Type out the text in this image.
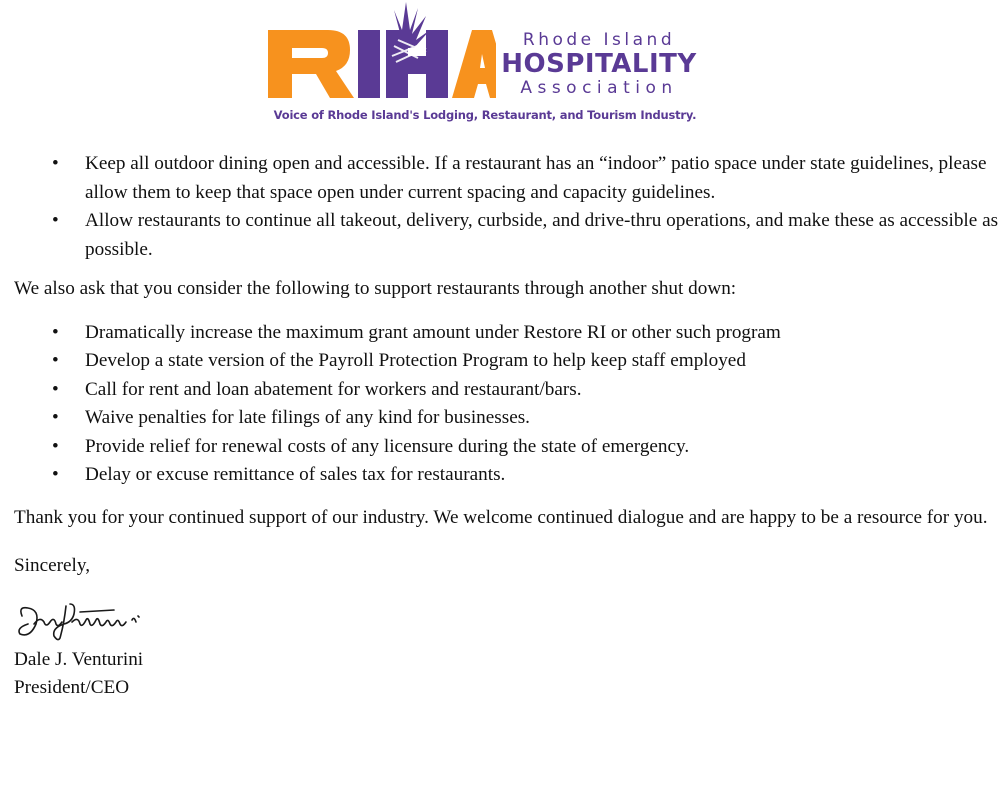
Rhode Island
HOSPITALITY
Association
Voice of Rhode Island's Lodging, Restaurant, and Tourism Industry.
• Keep all outdoor dining open and accessible. If a restaurant has an “indoor” patio space under state guidelines, please allow them to keep that space open under current spacing and capacity guidelines.
• Allow restaurants to continue all takeout, delivery, curbside, and drive-thru operations, and make these as accessible as possible.

We also ask that you consider the following to support restaurants through another shut down:

• Dramatically increase the maximum grant amount under Restore RI or other such program
• Develop a state version of the Payroll Protection Program to help keep staff employed
• Call for rent and loan abatement for workers and restaurant/bars.
• Waive penalties for late filings of any kind for businesses.
• Provide relief for renewal costs of any licensure during the state of emergency.
• Delay or excuse remittance of sales tax for restaurants.

Thank you for your continued support of our industry. We welcome continued dialogue and are happy to be a resource for you.

Sincerely,

Dale J. Venturini

President/CEO
